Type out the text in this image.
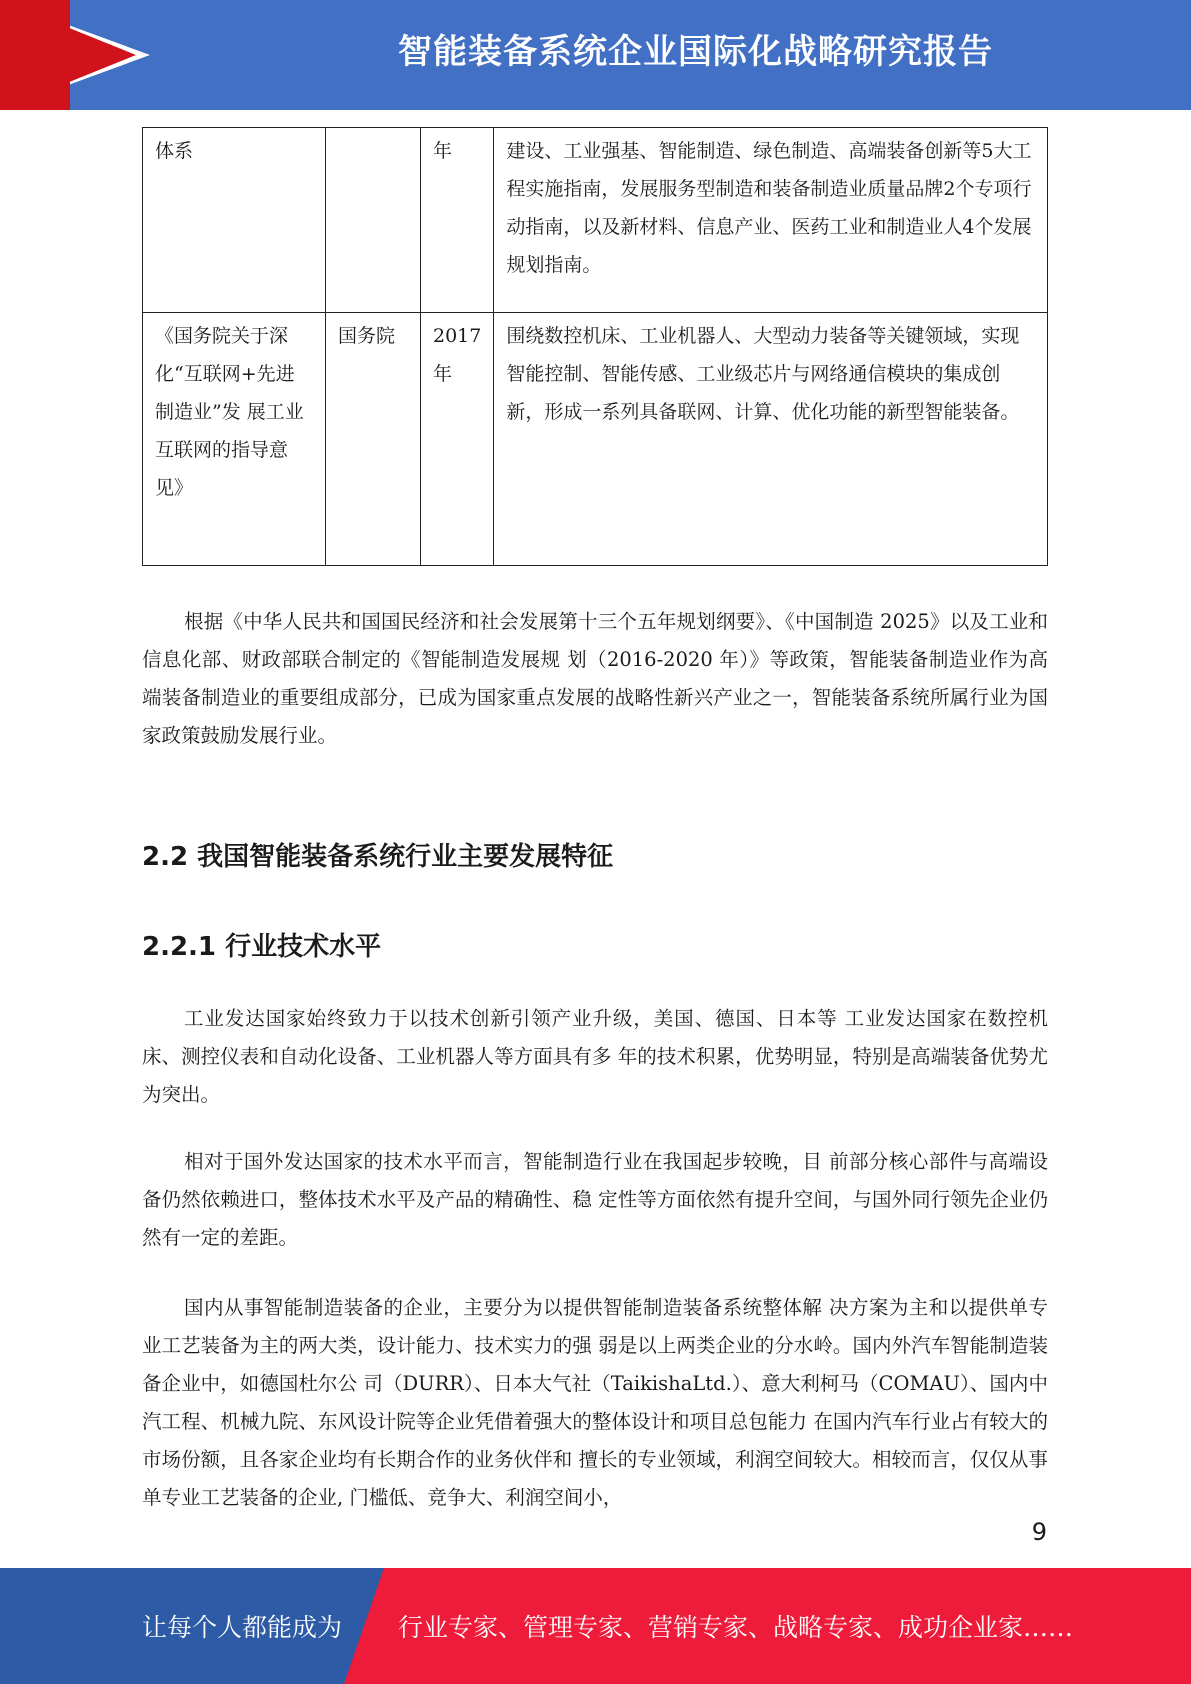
智能装备系统企业国际化战略研究报告
体系		年	建设、工业强基、智能制造、绿色制造、高端装备创新等5大工程实施指南，发展服务型制造和装备制造业质量品牌2个专项行动指南，以及新材料、信息产业、医药工业和制造业人4个发展规划指南。
《国务院关于深化“互联网+先进制造业”发 展工业互联网的指导意见》	国务院	2017年	围绕数控机床、工业机器人、大型动力装备等关键领域，实现智能控制、智能传感、工业级芯片与网络通信模块的集成创新，形成一系列具备联网、计算、优化功能的新型智能装备。

根据《中华人民共和国国民经济和社会发展第十三个五年规划纲要》、《中国制造 2025》以及工业和信息化部、财政部联合制定的《智能制造发展规 划（2016-2020 年）》等政策，智能装备制造业作为高端装备制造业的重要组成部分，已成为国家重点发展的战略性新兴产业之一，智能装备系统所属行业为国家政策鼓励发展行业。

2.2 我国智能装备系统行业主要发展特征
2.2.1 行业技术水平

工业发达国家始终致力于以技术创新引领产业升级，美国、德国、日本等 工业发达国家在数控机床、测控仪表和自动化设备、工业机器人等方面具有多 年的技术积累，优势明显，特别是高端装备优势尤为突出。

相对于国外发达国家的技术水平而言，智能制造行业在我国起步较晚，目 前部分核心部件与高端设备仍然依赖进口，整体技术水平及产品的精确性、稳 定性等方面依然有提升空间，与国外同行领先企业仍然有一定的差距。

国内从事智能制造装备的企业，主要分为以提供智能制造装备系统整体解 决方案为主和以提供单专业工艺装备为主的两大类，设计能力、技术实力的强 弱是以上两类企业的分水岭。国内外汽车智能制造装备企业中，如德国杜尔公 司（DURR）、日本大气社（TaikishaLtd.）、意大利柯马（COMAU）、国内中 汽工程、机械九院、东风设计院等企业凭借着强大的整体设计和项目总包能力 在国内汽车行业占有较大的市场份额，且各家企业均有长期合作的业务伙伴和 擅长的专业领域，利润空间较大。相较而言，仅仅从事单专业工艺装备的企业, 门槛低、竞争大、利润空间小，

9
让每个人都能成为 行业专家、管理专家、营销专家、战略专家、成功企业家……
